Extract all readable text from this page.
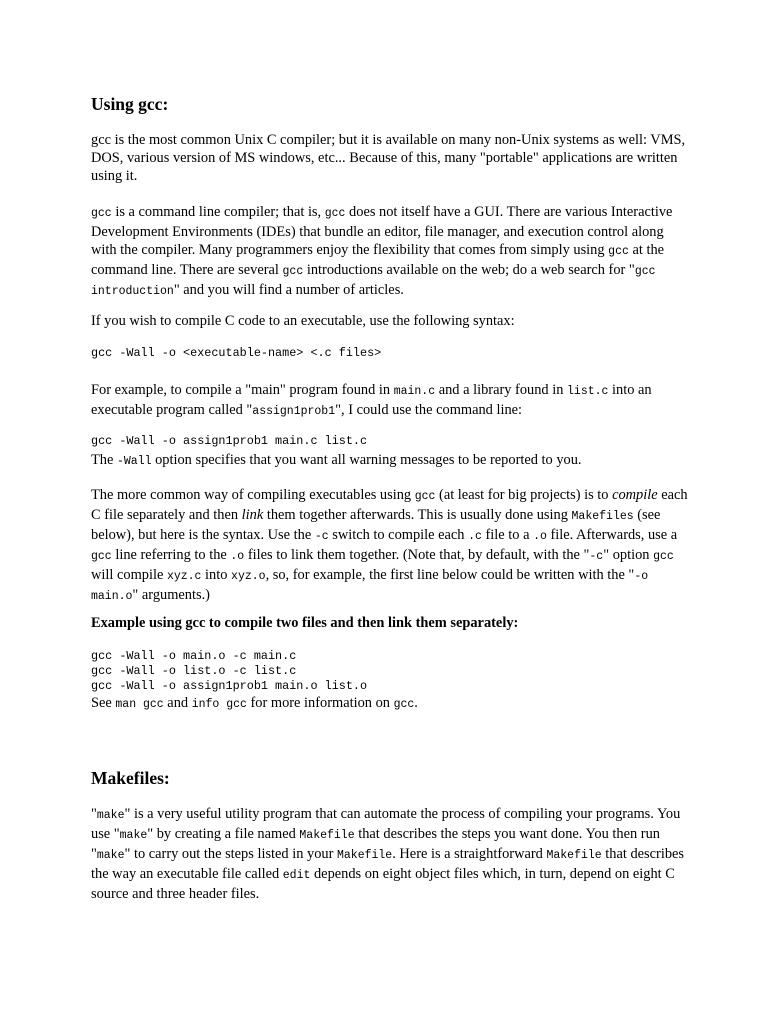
Using gcc:

gcc is the most common Unix C compiler; but it is available on many non-Unix systems as well: VMS, DOS, various version of MS windows, etc... Because of this, many "portable" applications are written using it.

gcc is a command line compiler; that is, gcc does not itself have a GUI. There are various Interactive Development Environments (IDEs) that bundle an editor, file manager, and execution control along with the compiler. Many programmers enjoy the flexibility that comes from simply using gcc at the command line. There are several gcc introductions available on the web; do a web search for "gcc introduction" and you will find a number of articles.

If you wish to compile C code to an executable, use the following syntax:

gcc -Wall -o <executable-name> <.c files>

For example, to compile a "main" program found in main.c and a library found in list.c into an executable program called "assign1prob1", I could use the command line:

gcc -Wall -o assign1prob1 main.c list.c

The -Wall option specifies that you want all warning messages to be reported to you.

The more common way of compiling executables using gcc (at least for big projects) is to compile each C file separately and then link them together afterwards. This is usually done using Makefiles (see below), but here is the syntax. Use the -c switch to compile each .c file to a .o file. Afterwards, use a gcc line referring to the .o files to link them together. (Note that, by default, with the "-c" option gcc will compile xyz.c into xyz.o, so, for example, the first line below could be written with the "-o main.o" arguments.)

Example using gcc to compile two files and then link them separately:

gcc -Wall -o main.o -c main.c
gcc -Wall -o list.o -c list.c
gcc -Wall -o assign1prob1 main.o list.o

See man gcc and info gcc for more information on gcc.

Makefiles:

"make" is a very useful utility program that can automate the process of compiling your programs. You use "make" by creating a file named Makefile that describes the steps you want done. You then run "make" to carry out the steps listed in your Makefile. Here is a straightforward Makefile that describes the way an executable file called edit depends on eight object files which, in turn, depend on eight C source and three header files.
